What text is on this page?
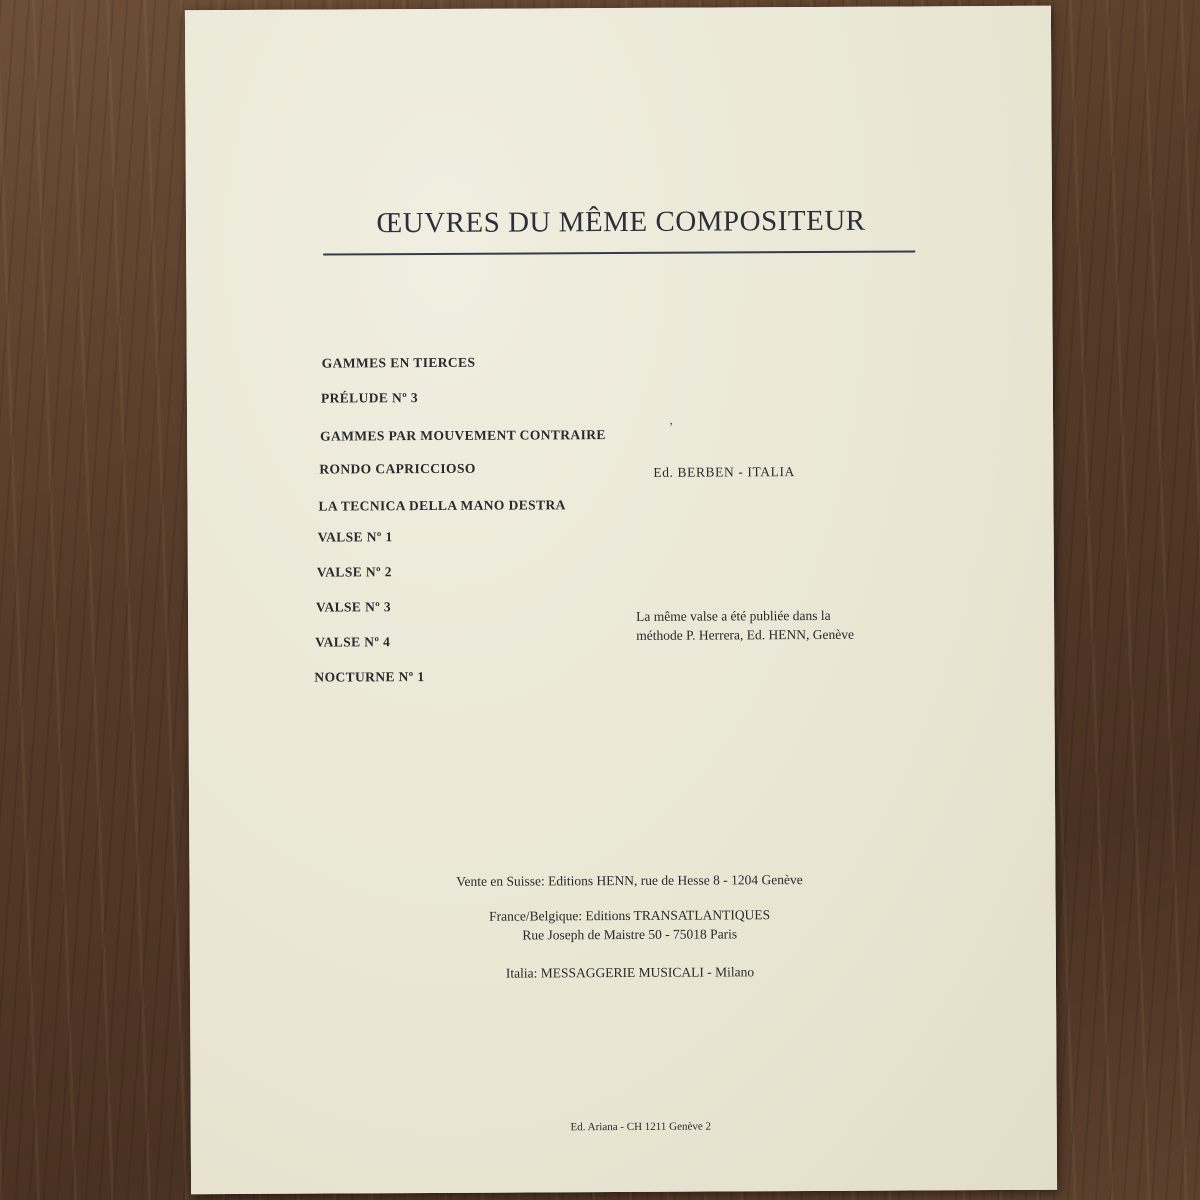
ŒUVRES DU MÊME COMPOSITEUR
GAMMES EN TIERCES
PRÉLUDE Nº 3
GAMMES PAR MOUVEMENT CONTRAIRE
RONDO CAPRICCIOSO
LA TECNICA DELLA MANO DESTRA
VALSE Nº 1
VALSE Nº 2
VALSE Nº 3
VALSE Nº 4
NOCTURNE Nº 1
ʼ
Ed. BERBEN - ITALIA
La même valse a été publiée dans la
méthode P. Herrera, Ed. HENN, Genève
Vente en Suisse: Editions HENN, rue de Hesse 8 - 1204 Genève
France/Belgique: Editions TRANSATLANTIQUES
Rue Joseph de Maistre 50 - 75018 Paris
Italia: MESSAGGERIE MUSICALI - Milano
Ed. Ariana - CH 1211 Genève 2
